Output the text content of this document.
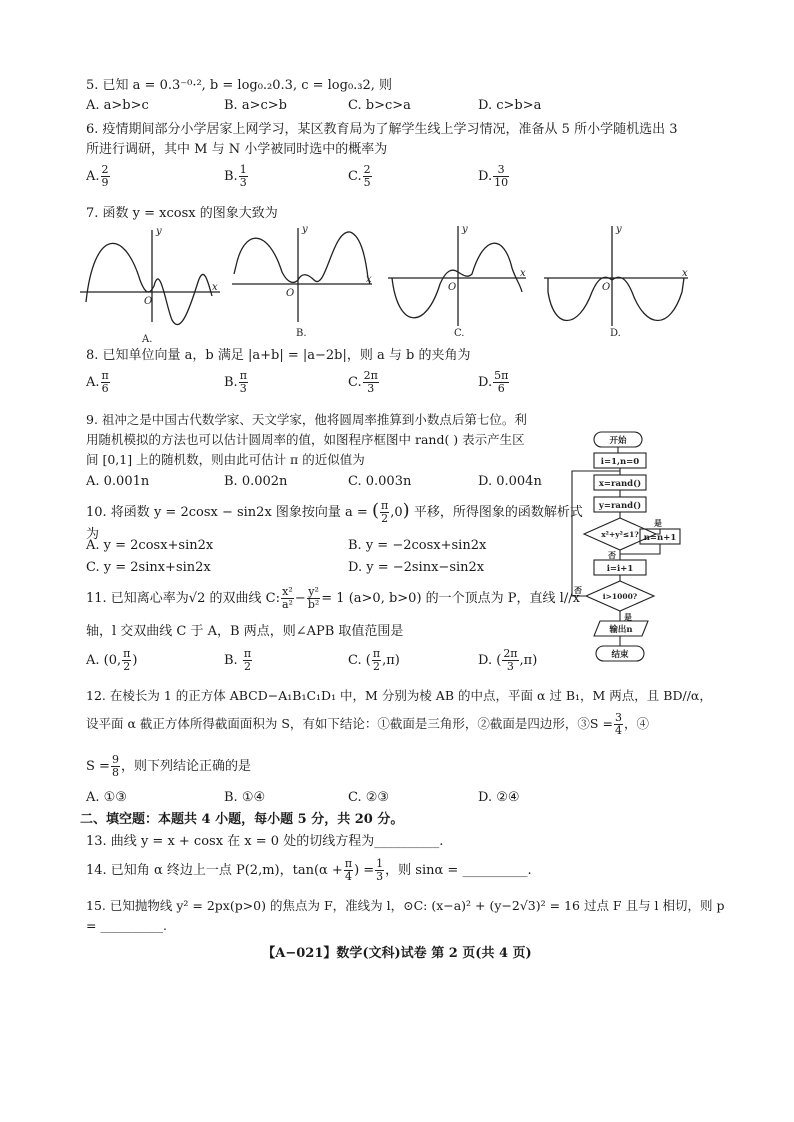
5. 已知 a = 0.3⁻⁰·², b = log₀.₂0.3, c = log₀.₃2, 则
A. a>b>c	B. a>c>b	C. b>c>a	D. c>b>a
6. 疫情期间部分小学居家上网学习，某区教育局为了解学生线上学习情况，准备从 5 所小学随机选出 3
所进行调研，其中 M 与 N 小学被同时选中的概率为
A. $\frac{2}{9}$	B. $\frac{1}{3}$	C. $\frac{2}{5}$	D. $\frac{3}{10}$
7. 函数 y = xcosx 的图象大致为
y
x
O
y
x
O
y
x
O
y
x
O
A.
B.	C.	D.
8. 已知单位向量 a，b 满足 |a+b| = |a−2b|，则 a 与 b 的夹角为
A. $\frac{\pi}{6}$	B. $\frac{\pi}{3}$	C. $\frac{2\pi}{3}$	D. $\frac{5\pi}{6}$
9. 祖冲之是中国古代数学家、天文学家，他将圆周率推算到小数点后第七位。利
用随机模拟的方法也可以估计圆周率的值，如图程序框图中 rand( ) 表示产生区
间 [0,1] 上的随机数，则由此可估计 π 的近似值为
A. 0.001n	B. 0.002n	C. 0.003n	D. 0.004n
10. 将函数 y = 2cosx − sin2x 图象按向量 a = ( $\frac{\pi}{2} ,0$) 平移，所得图象的函数解析式为
A. y = 2cosx+sin2x	B. y = −2cosx+sin2x
C. y = 2sinx+sin2x	D. y = −2sinx−sin2x
11. 已知离心率为√2 的双曲线 C: $\frac{\text{x²}}{\text{a²}} - \frac{\text{y²}}{\text{b²}} = 1$ (a>0, b>0) 的一个顶点为 P，直线 l//x
轴，l 交双曲线 C 于 A，B 两点，则∠APB 取值范围是
A. (0, $\frac{\pi}{2}$ )	B. $\frac{\pi}{2}$	C. ( $\frac{\pi}{2} ,\pi$)	D. ( $\frac{2\pi}{3} ,\pi$)
开始
i=1,n=0
x=rand()
y=rand()
x²+y²≤1? n=n+1
i=i+1
i>1000?
输出n
结束
是
否
是
否
12. 在棱长为 1 的正方体 ABCD−A₁B₁C₁D₁ 中，M 分别为棱 AB 的中点，平面 α 过 B₁，M 两点，且 BD//α，
设平面 α 截正方体所得截面面积为 S，有如下结论：①截面是三角形，②截面是四边形，③S = $\frac{3}{4}$ ，④
$S = \frac{9}{8}$ ，则下列结论正确的是
A. ①③	B. ①④	C. ②③	D. ②④
二、填空题：本题共 4 小题，每小题 5 分，共 20 分。
13. 曲线 y = x + cosx 在 x = 0 处的切线方程为__________.
14. 已知角 α 终边上一点 P(2,m)，$\tan(\alpha + \frac{\pi}{4}$ ) = $\frac{1}{3}$ ，则 sinα = __________.
15. 已知抛物线 y² = 2px(p>0) 的焦点为 F，准线为 l，⊙C: (x−a)² + (y−2√3)² = 16 过点 F 且与 l 相切，则 p
= __________.
【A−021】数学(文科)试卷 第 2 页(共 4 页)
